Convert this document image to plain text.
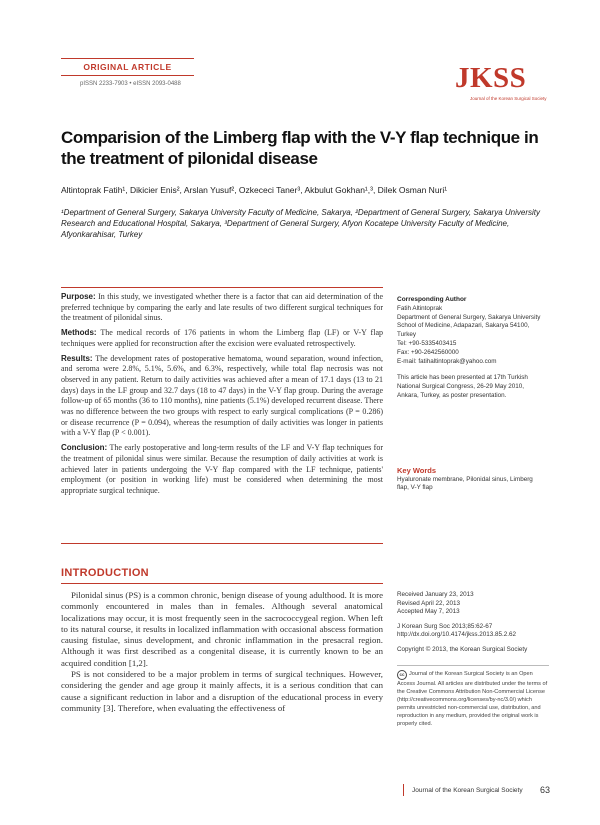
ORIGINAL ARTICLE
pISSN 2233-7903 • eISSN 2093-0488	JKSS
Journal of the Korean Surgical Society
Comparision of the Limberg flap with the V-Y flap technique in the treatment of pilonidal disease
Altintoprak Fatih¹, Dikicier Enis², Arslan Yusuf², Ozkececi Taner³, Akbulut Gokhan¹,³, Dilek Osman Nuri¹
¹Department of General Surgery, Sakarya University Faculty of Medicine, Sakarya, ²Department of General Surgery, Sakarya University Research and Educational Hospital, Sakarya, ³Department of General Surgery, Afyon Kocatepe University Faculty of Medicine, Afyonkarahisar, Turkey

Purpose: In this study, we investigated whether there is a factor that can aid determination of the preferred technique by comparing the early and late results of two different surgical techniques for the treatment of pilonidal sinus.

Methods: The medical records of 176 patients in whom the Limberg flap (LF) or V-Y flap techniques were applied for reconstruction after the excision were evaluated retrospectively.

Results: The development rates of postoperative hematoma, wound separation, wound infection, and seroma were 2.8%, 5.1%, 5.6%, and 6.3%, respectively, while total flap necrosis was not observed in any patient. Return to daily activities was achieved after a mean of 17.1 days (13 to 21 days) days in the LF group and 32.7 days (18 to 47 days) in the V-Y flap group. During the average follow-up of 65 months (36 to 110 months), nine patients (5.1%) developed recurrent disease. There was no difference between the two groups with respect to early surgical complications (P = 0.286) or disease recurrence (P = 0.094), whereas the resumption of daily activities was longer in patients with a V-Y flap (P < 0.001).

Conclusion: The early postoperative and long-term results of the LF and V-Y flap techniques for the treatment of pilonidal sinus were similar. Because the resumption of daily activities at work is achieved later in patients undergoing the V-Y flap compared with the LF technique, patients' employment (or position in working life) must be considered when determining the most appropriate surgical technique.

Corresponding Author
Fatih Altintoprak
Department of General Surgery, Sakarya University School of Medicine, Adapazari, Sakarya 54100, Turkey
Tel: +90-5335403415
Fax: +90-2642560000
E-mail: fatihaltintoprak@yahoo.com
This article has been presented at 17th Turkish National Surgical Congress, 26-29 May 2010, Ankara, Turkey, as poster presentation.
Key Words
Hyaluronate membrane, Pilonidal sinus, Limberg flap, V-Y flap
INTRODUCTION

Pilonidal sinus (PS) is a common chronic, benign disease of young adulthood. It is more commonly encountered in males than in females. Although several anatomical localizations may occur, it is most frequently seen in the sacrococcygeal region. When left to its natural course, it results in localized inflammation with occasional abscess formation causing fistulae, sinus development, and chronic inflammation in the presacral region. Although it was first described as a congenital disease, it is currently known to be an acquired condition [1,2].

PS is not considered to be a major problem in terms of surgical techniques. However, considering the gender and age group it mainly affects, it is a serious condition that can cause a significant reduction in labor and a disruption of the educational process in every community [3]. Therefore, when evaluating the effectiveness of

Received January 23, 2013

Revised April 22, 2013

Accepted May 7, 2013

J Korean Surg Soc 2013;85:62-67

http://dx.doi.org/10.4174/jkss.2013.85.2.62

Copyright © 2013, the Korean Surgical Society

cc Journal of the Korean Surgical Society is an Open Access Journal. All articles are distributed under the terms of the Creative Commons Attribution Non-Commercial License (http://creativecommons.org/licenses/by-nc/3.0/) which permits unrestricted non-commercial use, distribution, and reproduction in any medium, provided the original work is properly cited.
Journal of the Korean Surgical Society 63
